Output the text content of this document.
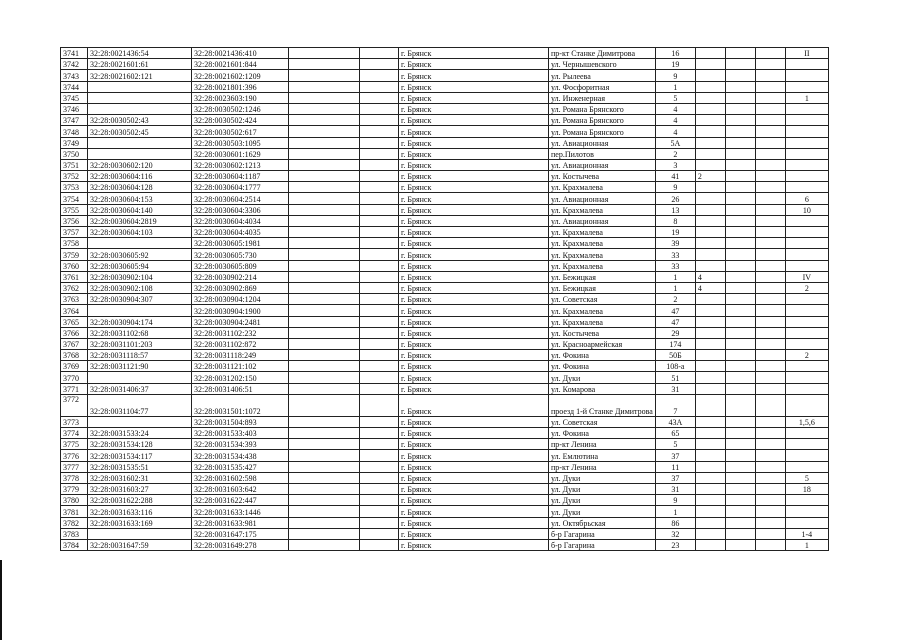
3741	32:28:0021436:54	32:28:0021436:410			г. Брянск	пр-кт Станке Димитрова	16				II
3742	32:28:0021601:61	32:28:0021601:844			г. Брянск	ул. Чернышевского	19				
3743	32:28:0021602:121	32:28:0021602:1209			г. Брянск	ул. Рылеева	9				
3744		32:28:0021801:396			г. Брянск	ул. Фосфоритная	1				
3745		32:28:0023603:190			г. Брянск	ул. Инженерная	5				1
3746		32:28:0030502:1246			г. Брянск	ул. Романа Брянского	4				
3747	32:28:0030502:43	32:28:0030502:424			г. Брянск	ул. Романа Брянского	4				
3748	32:28:0030502:45	32:28:0030502:617			г. Брянск	ул. Романа Брянского	4				
3749		32:28:0030503:1095			г. Брянск	ул. Авиационная	5А				
3750		32:28:0030601:1629			г. Брянск	пер.Пилотов	2				
3751	32:28:0030602:120	32:28:0030602:1213			г. Брянск	ул. Авиационная	3				
3752	32:28:0030604:116	32:28:0030604:1187			г. Брянск	ул. Костычева	41	2			
3753	32:28:0030604:128	32:28:0030604:1777			г. Брянск	ул. Крахмалева	9				
3754	32:28:0030604:153	32:28:0030604:2514			г. Брянск	ул. Авиационная	26				6
3755	32:28:0030604:140	32:28:0030604:3306			г. Брянск	ул. Крахмалева	13				10
3756	32:28:0030604:2819	32:28:0030604:4034			г. Брянск	ул. Авиационная	8				
3757	32:28:0030604:103	32:28:0030604:4035			г. Брянск	ул. Крахмалева	19				
3758		32:28:0030605:1981			г. Брянск	ул. Крахмалева	39				
3759	32:28:0030605:92	32:28:0030605:730			г. Брянск	ул. Крахмалева	33				
3760	32:28:0030605:94	32:28:0030605:809			г. Брянск	ул. Крахмалева	33				
3761	32:28:0030902:104	32:28:0030902:214			г. Брянск	ул. Бежицкая	1	4			IV
3762	32:28:0030902:108	32:28:0030902:869			г. Брянск	ул. Бежицкая	1	4			2
3763	32:28:0030904:307	32:28:0030904:1204			г. Брянск	ул. Советская	2				
3764		32:28:0030904:1900			г. Брянск	ул. Крахмалева	47				
3765	32:28:0030904:174	32:28:0030904:2481			г. Брянск	ул. Крахмалева	47				
3766	32:28:0031102:68	32:28:0031102:232			г. Брянск	ул. Костычева	29				
3767	32:28:0031101:203	32:28:0031102:872			г. Брянск	ул. Красноармейская	174				
3768	32:28:0031118:57	32:28:0031118:249			г. Брянск	ул. Фокина	50Б				2
3769	32:28:0031121:90	32:28:0031121:102			г. Брянск	ул. Фокина	108-а				
3770		32:28:0031202:150			г. Брянск	ул. Дуки	51				
3771	32:28:0031406:37	32:28:0031406:51			г. Брянск	ул. Комарова	31				
3772	32:28:0031104:77	32:28:0031501:1072			г. Брянск	проезд 1-й Станке Димитрова	7				
3773		32:28:0031504:893			г. Брянск	ул. Советская	43А				1,5,6
3774	32:28:0031533:24	32:28:0031533:403			г. Брянск	ул. Фокина	65				
3775	32:28:0031534:128	32:28:0031534:393			г. Брянск	пр-кт Ленина	5				
3776	32:28:0031534:117	32:28:0031534:438			г. Брянск	ул. Емлютина	37				
3777	32:28:0031535:51	32:28:0031535:427			г. Брянск	пр-кт Ленина	11				
3778	32:28:0031602:31	32:28:0031602:598			г. Брянск	ул. Дуки	37				5
3779	32:28:0031603:27	32:28:0031603:642			г. Брянск	ул. Дуки	31				18
3780	32:28:0031622:288	32:28:0031622:447			г. Брянск	ул. Дуки	9				
3781	32:28:0031633:116	32:28:0031633:1446			г. Брянск	ул. Дуки	1				
3782	32:28:0031633:169	32:28:0031633:981			г. Брянск	ул. Октябрьская	86				
3783		32:28:0031647:175			г. Брянск	б-р Гагарина	32				1-4
3784	32:28:0031647:59	32:28:0031649:278			г. Брянск	б-р Гагарина	23				1
